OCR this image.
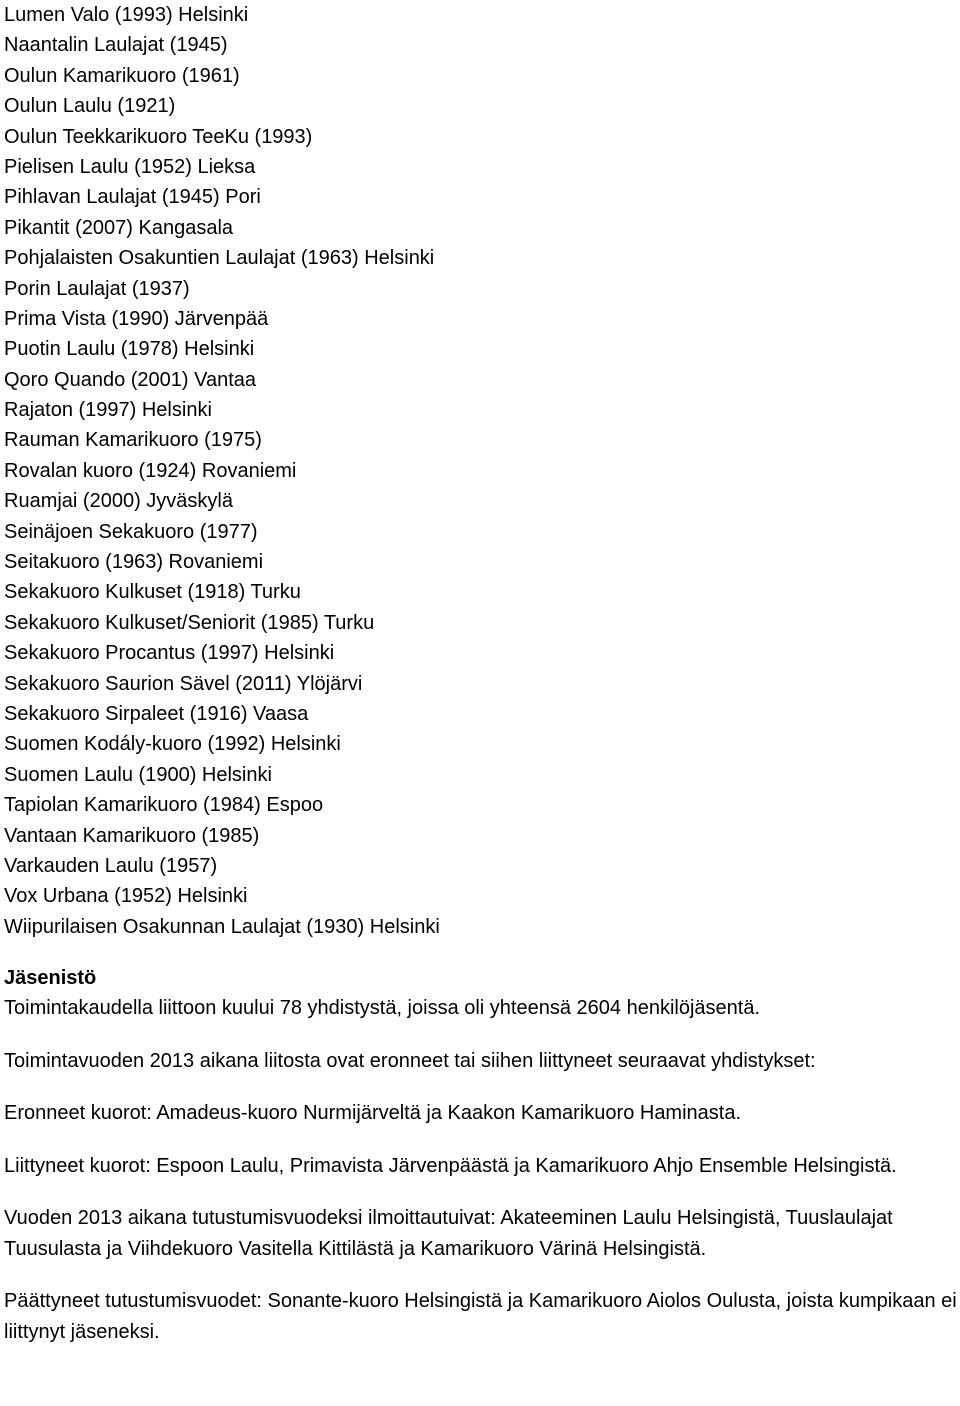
Lumen Valo (1993) Helsinki
Naantalin Laulajat (1945)
Oulun Kamarikuoro (1961)
Oulun Laulu (1921)
Oulun Teekkarikuoro TeeKu (1993)
Pielisen Laulu (1952) Lieksa
Pihlavan Laulajat (1945) Pori
Pikantit (2007) Kangasala
Pohjalaisten Osakuntien Laulajat (1963) Helsinki
Porin Laulajat (1937)
Prima Vista (1990) Järvenpää
Puotin Laulu (1978) Helsinki
Qoro Quando (2001) Vantaa
Rajaton (1997) Helsinki
Rauman Kamarikuoro (1975)
Rovalan kuoro (1924) Rovaniemi
Ruamjai (2000) Jyväskylä
Seinäjoen Sekakuoro (1977)
Seitakuoro (1963) Rovaniemi
Sekakuoro Kulkuset (1918) Turku
Sekakuoro Kulkuset/Seniorit (1985) Turku
Sekakuoro Procantus (1997) Helsinki
Sekakuoro Saurion Sävel (2011) Ylöjärvi
Sekakuoro Sirpaleet (1916) Vaasa
Suomen Kodály-kuoro (1992) Helsinki
Suomen Laulu (1900) Helsinki
Tapiolan Kamarikuoro (1984) Espoo
Vantaan Kamarikuoro (1985)
Varkauden Laulu (1957)
Vox Urbana (1952) Helsinki
Wiipurilaisen Osakunnan Laulajat (1930) Helsinki
Jäsenistö

Toimintakaudella liittoon kuului 78 yhdistystä, joissa oli yhteensä 2604 henkilöjäsentä.

Toimintavuoden 2013 aikana liitosta ovat eronneet tai siihen liittyneet seuraavat yhdistykset:

Eronneet kuorot: Amadeus-kuoro Nurmijärveltä ja Kaakon Kamarikuoro Haminasta.

Liittyneet kuorot: Espoon Laulu, Primavista Järvenpäästä ja Kamarikuoro Ahjo Ensemble Helsingistä.

Vuoden 2013 aikana tutustumisvuodeksi ilmoittautuivat: Akateeminen Laulu Helsingistä, Tuuslaulajat Tuusulasta ja Viihdekuoro Vasitella Kittilästä ja Kamarikuoro Värinä Helsingistä.

Päättyneet tutustumisvuodet: Sonante-kuoro Helsingistä ja Kamarikuoro Aiolos Oulusta, joista kumpikaan ei liittynyt jäseneksi.
